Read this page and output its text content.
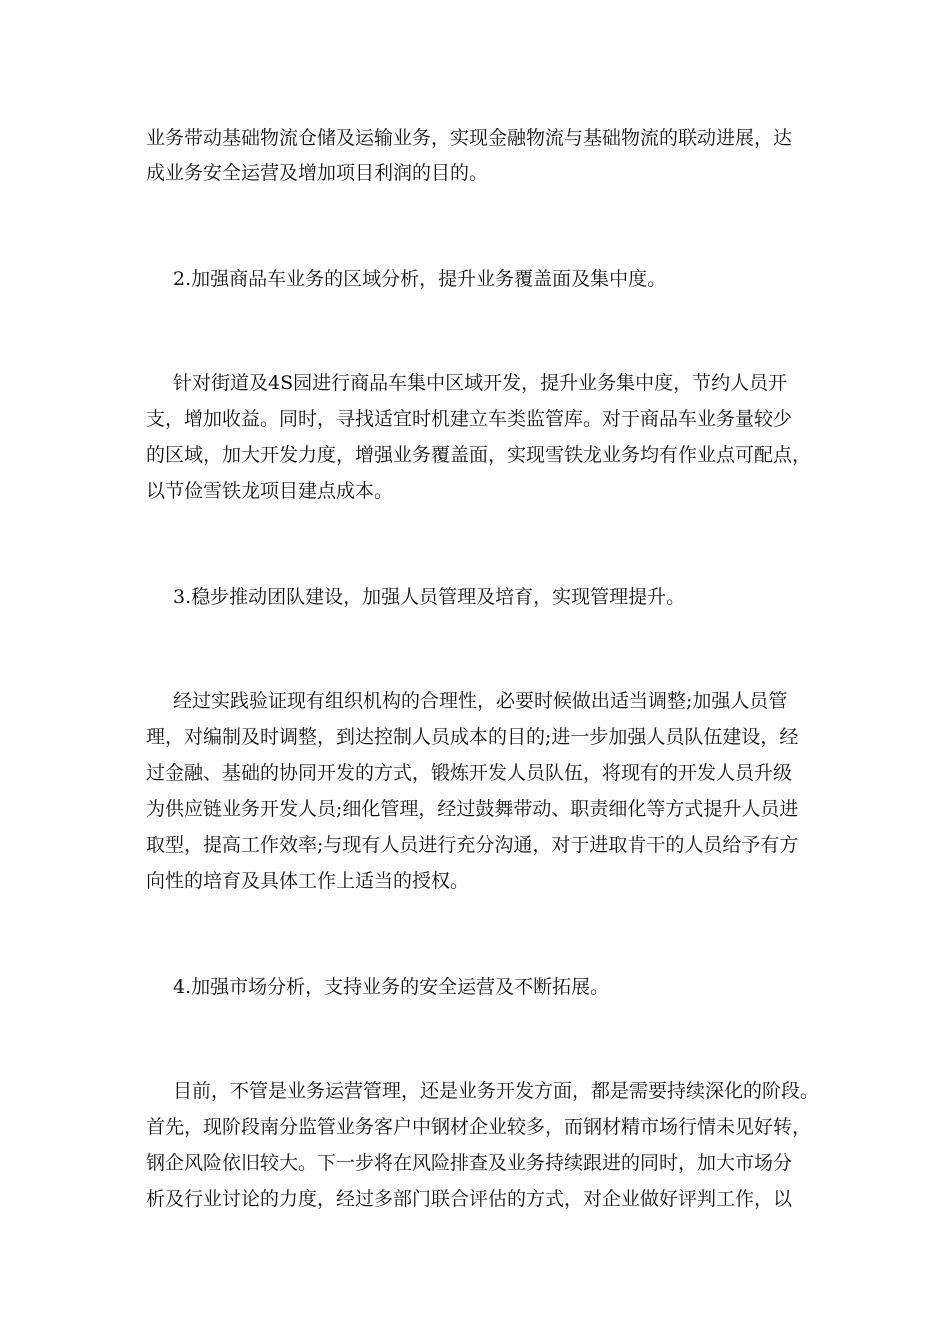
业务带动基础物流仓储及运输业务，实现金融物流与基础物流的联动进展，达
成业务安全运营及增加项目利润的目的。
2.加强商品车业务的区域分析，提升业务覆盖面及集中度。
针对街道及4S园进行商品车集中区域开发，提升业务集中度，节约人员开
支，增加收益。同时，寻找适宜时机建立车类监管库。对于商品车业务量较少
的区域，加大开发力度，增强业务覆盖面，实现雪铁龙业务均有作业点可配点，
以节俭雪铁龙项目建点成本。
3.稳步推动团队建设，加强人员管理及培育，实现管理提升。
经过实践验证现有组织机构的合理性，必要时候做出适当调整;加强人员管
理，对编制及时调整，到达控制人员成本的目的;进一步加强人员队伍建设，经
过金融、基础的协同开发的方式，锻炼开发人员队伍，将现有的开发人员升级
为供应链业务开发人员;细化管理，经过鼓舞带动、职责细化等方式提升人员进
取型，提高工作效率;与现有人员进行充分沟通，对于进取肯干的人员给予有方
向性的培育及具体工作上适当的授权。
4.加强市场分析，支持业务的安全运营及不断拓展。
目前，不管是业务运营管理，还是业务开发方面，都是需要持续深化的阶段。
首先，现阶段南分监管业务客户中钢材企业较多，而钢材精市场行情未见好转，
钢企风险依旧较大。下一步将在风险排查及业务持续跟进的同时，加大市场分
析及行业讨论的力度，经过多部门联合评估的方式，对企业做好评判工作，以
